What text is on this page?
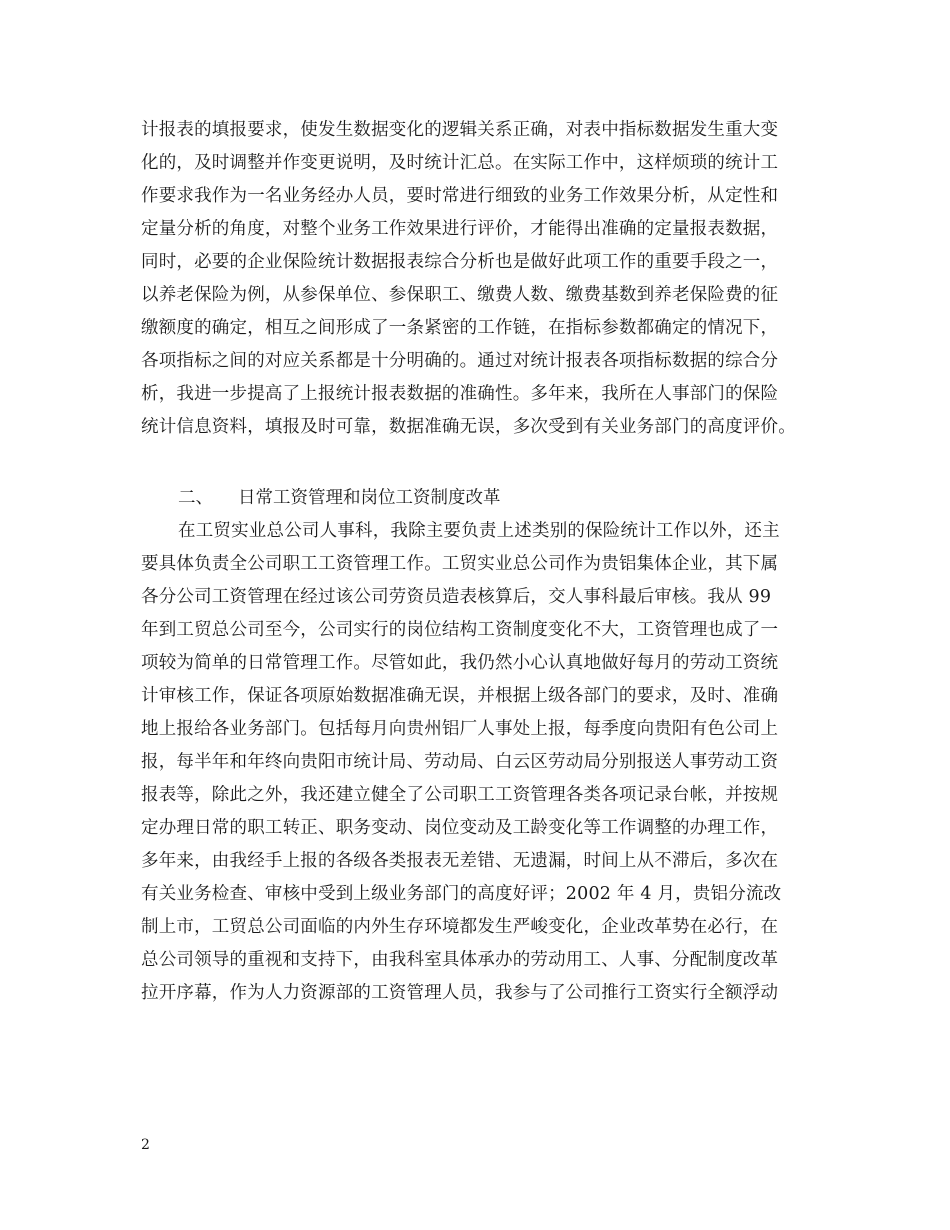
计报表的填报要求，使发生数据变化的逻辑关系正确，对表中指标数据发生重大变
化的，及时调整并作变更说明，及时统计汇总。在实际工作中，这样烦琐的统计工
作要求我作为一名业务经办人员，要时常进行细致的业务工作效果分析，从定性和
定量分析的角度，对整个业务工作效果进行评价，才能得出准确的定量报表数据，
同时，必要的企业保险统计数据报表综合分析也是做好此项工作的重要手段之一，
以养老保险为例，从参保单位、参保职工、缴费人数、缴费基数到养老保险费的征
缴额度的确定，相互之间形成了一条紧密的工作链，在指标参数都确定的情况下，
各项指标之间的对应关系都是十分明确的。通过对统计报表各项指标数据的综合分
析，我进一步提高了上报统计报表数据的准确性。多年来，我所在人事部门的保险
统计信息资料，填报及时可靠，数据准确无误，多次受到有关业务部门的高度评价。
二、 日常工资管理和岗位工资制度改革
在工贸实业总公司人事科，我除主要负责上述类别的保险统计工作以外，还主
要具体负责全公司职工工资管理工作。工贸实业总公司作为贵铝集体企业，其下属
各分公司工资管理在经过该公司劳资员造表核算后，交人事科最后审核。我从 99
年到工贸总公司至今，公司实行的岗位结构工资制度变化不大，工资管理也成了一
项较为简单的日常管理工作。尽管如此，我仍然小心认真地做好每月的劳动工资统
计审核工作，保证各项原始数据准确无误，并根据上级各部门的要求，及时、准确
地上报给各业务部门。包括每月向贵州铝厂人事处上报，每季度向贵阳有色公司上
报，每半年和年终向贵阳市统计局、劳动局、白云区劳动局分别报送人事劳动工资
报表等，除此之外，我还建立健全了公司职工工资管理各类各项记录台帐，并按规
定办理日常的职工转正、职务变动、岗位变动及工龄变化等工作调整的办理工作，
多年来，由我经手上报的各级各类报表无差错、无遗漏，时间上从不滞后，多次在
有关业务检查、审核中受到上级业务部门的高度好评；2002 年 4 月，贵铝分流改
制上市，工贸总公司面临的内外生存环境都发生严峻变化，企业改革势在必行，在
总公司领导的重视和支持下，由我科室具体承办的劳动用工、人事、分配制度改革
拉开序幕，作为人力资源部的工资管理人员，我参与了公司推行工资实行全额浮动
2
